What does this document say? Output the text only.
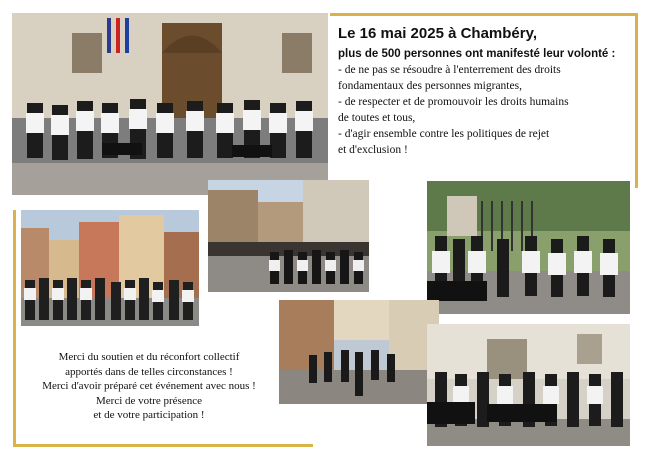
Le 16 mai 2025 à Chambéry,
plus de 500 personnes ont manifesté leur volonté :
- de ne pas se résoudre à l'enterrement des droits
fondamentaux des personnes migrantes,
- de respecter et de promouvoir les droits humains
de toutes et tous,
- d'agir ensemble contre les politiques de rejet
et d'exclusion !
Merci du soutien et du réconfort collectif
apportés dans de telles circonstances !
Merci d'avoir préparé cet événement avec nous !
Merci de votre présence
et de votre participation !
